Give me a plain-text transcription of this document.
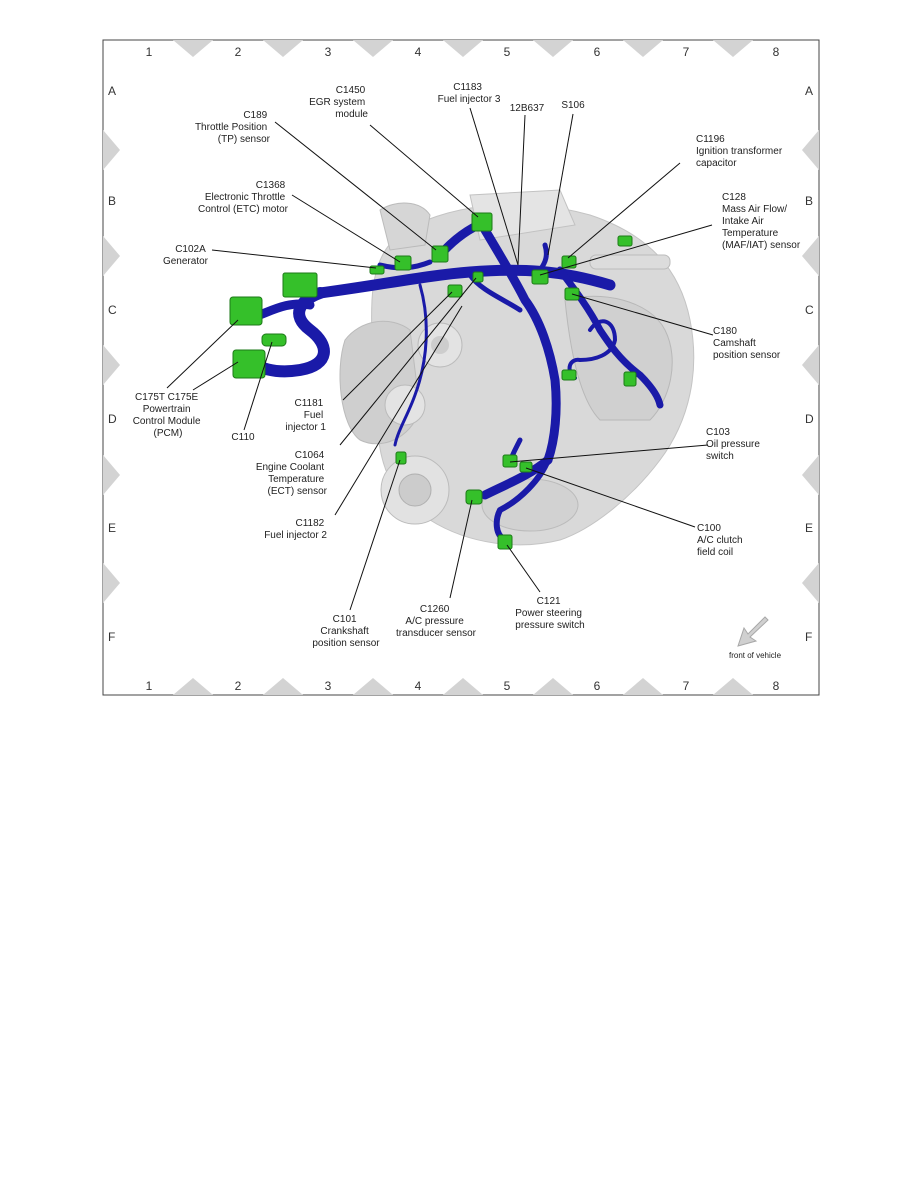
1	2	3	4	5	6	7	8
1	2	3	4	5	6	7	8
A
B
C
D
E
F
A
B
C
D
E
F
C1450 EGR system module
C1183 Fuel injector 3
12B637 S106
C189 Throttle Position (TP) sensor	C1196 Ignition transformer capacitor
C1368 Electronic Throttle Control (ETC) motor
C128 Mass Air Flow/ Intake Air Temperature (MAF/IAT) sensor
C102A Generator
C180 Camshaft position sensor
C175T C175E Powertrain Control Module (PCM)
C1181 Fuel injector 1
C110
C1064 Engine Coolant Temperature (ECT) sensor
C103 Oil pressure switch
C1182 Fuel injector 2
C100 A/C clutch field coil
C101 Crankshaft position sensor
C1260 A/C pressure transducer sensor
C121 Power steering pressure switch
front of vehicle
